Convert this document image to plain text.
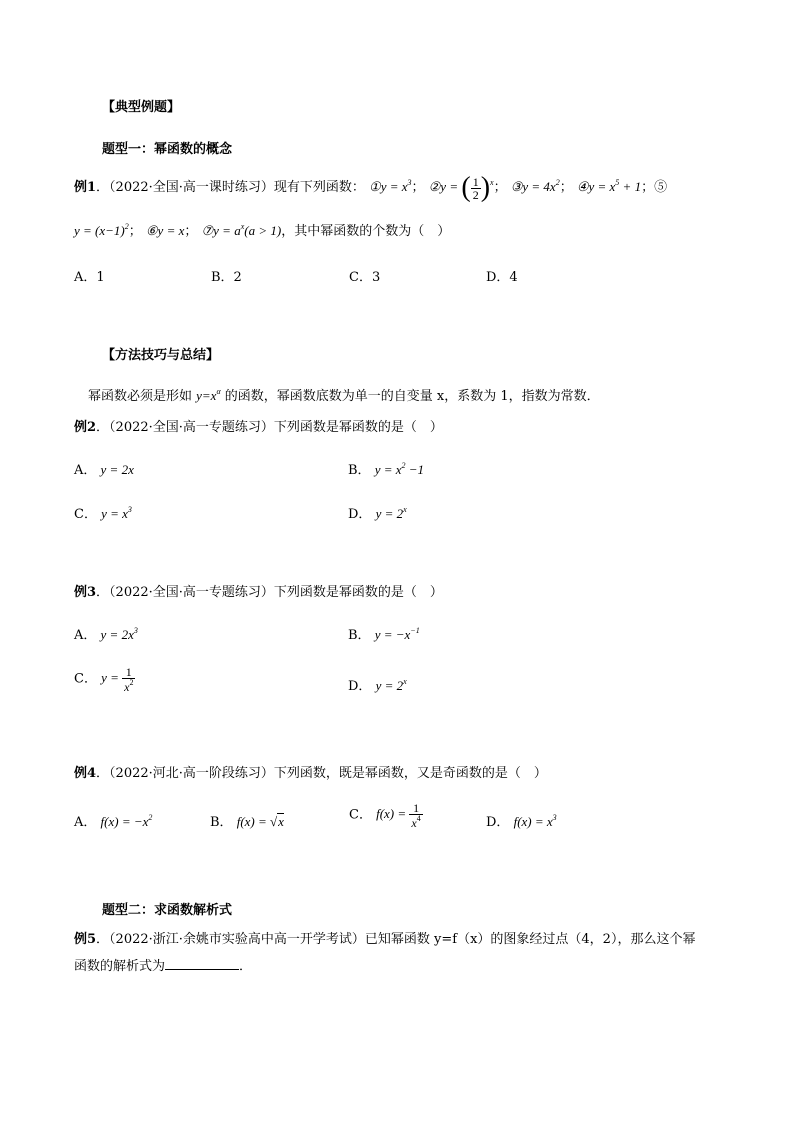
【典型例题】
题型一：幂函数的概念
例1．（2022·全国·高一课时练习）现有下列函数： ①y = $x^3$； ②y = ( $\frac{1}{2} )^x$； ③y = $4x^2$； ④y = $x^5 + 1$；⑤
$y = (x-1)^2$； ⑥y = x； ⑦y = $a^x(a > 1)$，其中幂函数的个数为（　）
A．1	B．2	C．3	D．4
【方法技巧与总结】
幂函数必须是形如 $y=x^\alpha$ 的函数，幂函数底数为单一的自变量 x，系数为 1，指数为常数．
例2．（2022·全国·高一专题练习）下列函数是幂函数的是（　）
A． y = 2x	B． $y = x^2 -1$
C． $y = x^3$	D． $y = 2^x$
例3．（2022·全国·高一专题练习）下列函数是幂函数的是（　）
A． $y = 2x^3$	B． $y = -x^{-1}$
C． $y = \frac{1}{x^2}$	D． $y = 2^x$
例4．（2022·河北·高一阶段练习）下列函数，既是幂函数，又是奇函数的是（　）
A． $f(x) = -x^2$	B． f(x) = √x	C． $f(x) = \frac{1}{x^4}$	D． $f(x) = x^3$
题型二：求函数解析式
例5．（2022·浙江·余姚市实验高中高一开学考试）已知幂函数 y=f（x）的图象经过点（4，2），那么这个幂
函数的解析式为	．
